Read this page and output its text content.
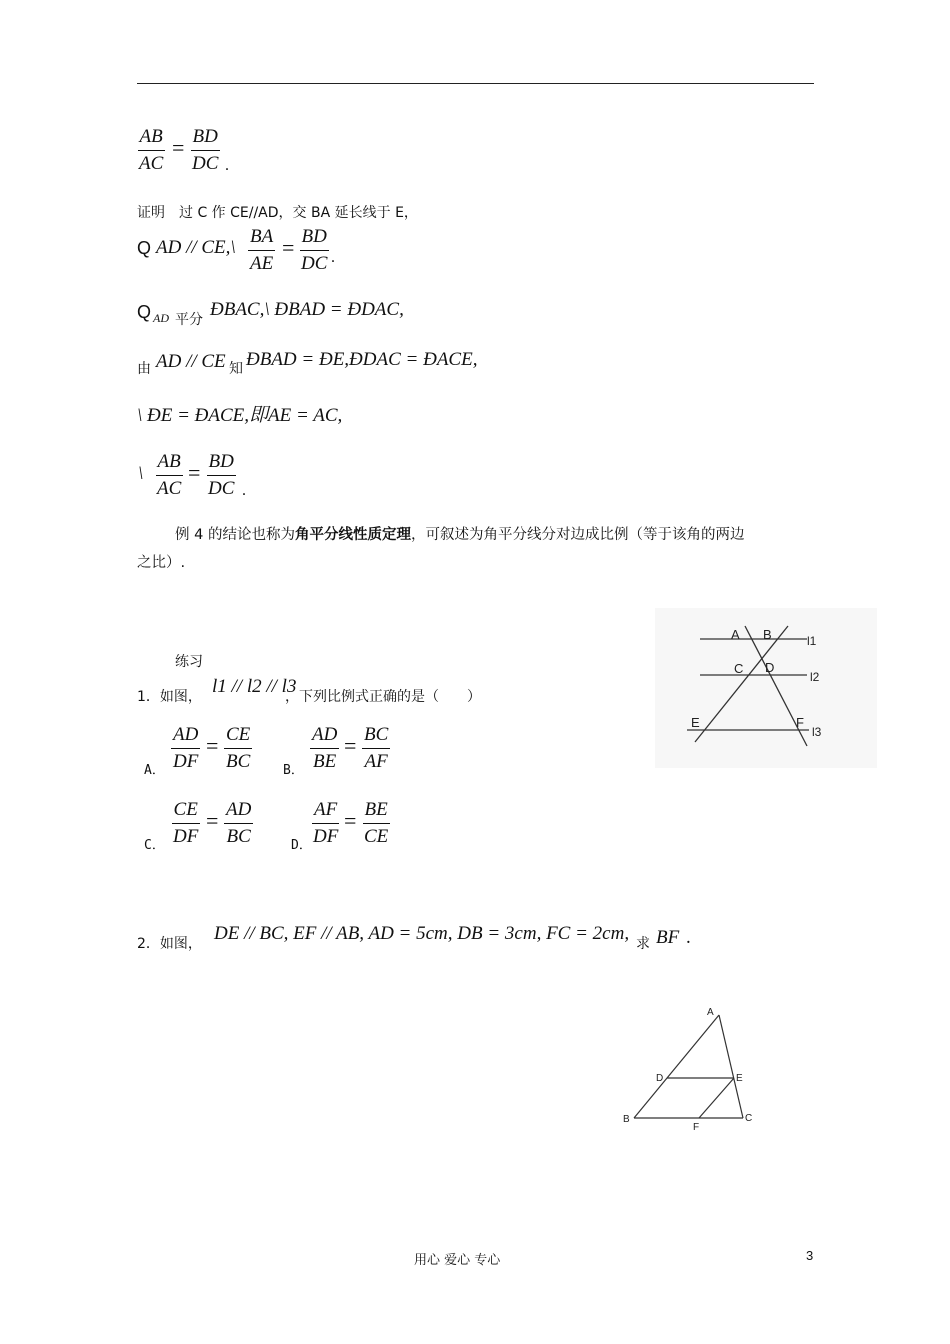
$\frac{AB}{AC} = \frac{BD}{DC}$ .
证明　过 C 作 CE//AD，交 BA 延长线于 E，
Q AD // CE,\ $\frac{BA}{AE} = \frac{BD}{DC}$ .
Q AD 平分 ÐBAC,\ ÐBAD = ÐDAC,
由 AD // CE 知 ÐBAD = ÐE,ÐDAC = ÐACE,
\ ÐE = ÐACE,即AE = AC,
\ $\frac{AB}{AC} = \frac{BD}{DC}$ .
例 4 的结论也称为角平分线性质定理，可叙述为角平分线分对边成比例（等于该角的两边
之比）.
练习
1．如图， l1 // l2 // l3
，下列比例式正确的是（　　）
A． $\frac{AD}{DF} = \frac{CE}{BC}$ B． $\frac{AD}{BE} = \frac{BC}{AF}$
C． $\frac{CE}{DF} = \frac{AD}{BC}$	D． $\frac{AF}{DF} = \frac{BE}{CE}$
A B
C D
E	F
l1
l2
l3
2．如图， DE // BC, EF // AB, AD = 5cm, DB = 3cm, FC = 2cm, 求 BF .
A
D	E
B
F
C
用心 爱心 专心	3
